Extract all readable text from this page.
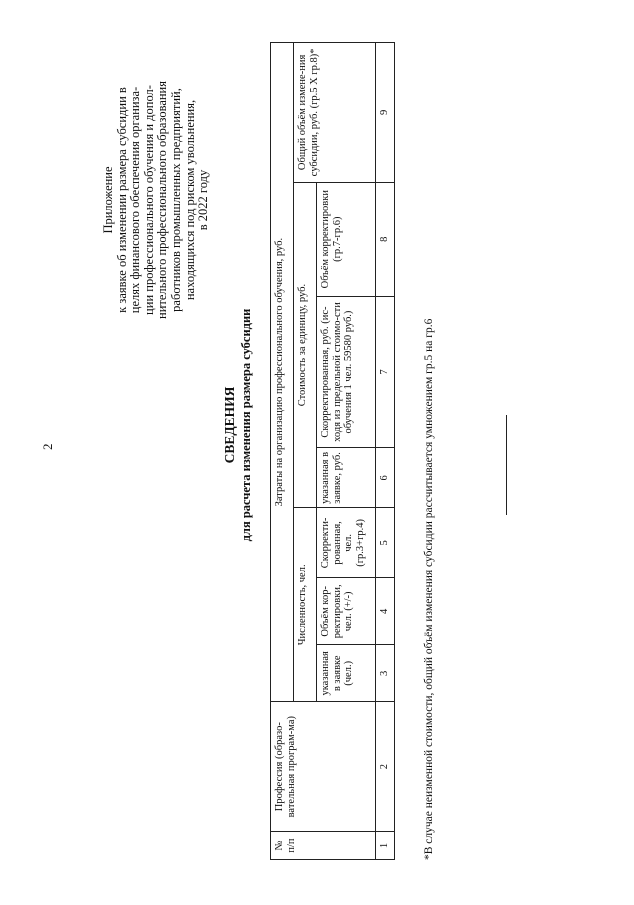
2
Приложение к заявке об изменении размера субсидии в целях финансового обеспечения организа- ции профессионального обучения и допол- нительного профессионального образования работников промышленных предприятий, находящихся под риском увольнения, в 2022 году
СВЕДЕНИЯ для расчета изменения размера субсидии
№ п/п	Профессия (образо-вательная програм-ма)	Затраты на организацию профессионального обучения, руб.						
		Численность, чел.			Стоимость за единицу, руб.			Общий объём измене-ния субсидии, руб. (гр.5 Х гр.8)*
		указанная в заявке (чел.)	Объём кор-ректировки, чел. (+/-)	Скорректи-рованная, чел. (гр.3+гр.4)	указанная в заявке, руб.	Скорректированная, руб. (ис-ходя из предельной стоимо-сти обучения 1 чел. 59580 руб.)	Объём корректировки (гр.7-гр.6)	
1	2	3	4	5	6	7	8	9
*В случае неизменной стоимости, общий объём изменения субсидии рассчитывается умножением гр.5 на гр.6
